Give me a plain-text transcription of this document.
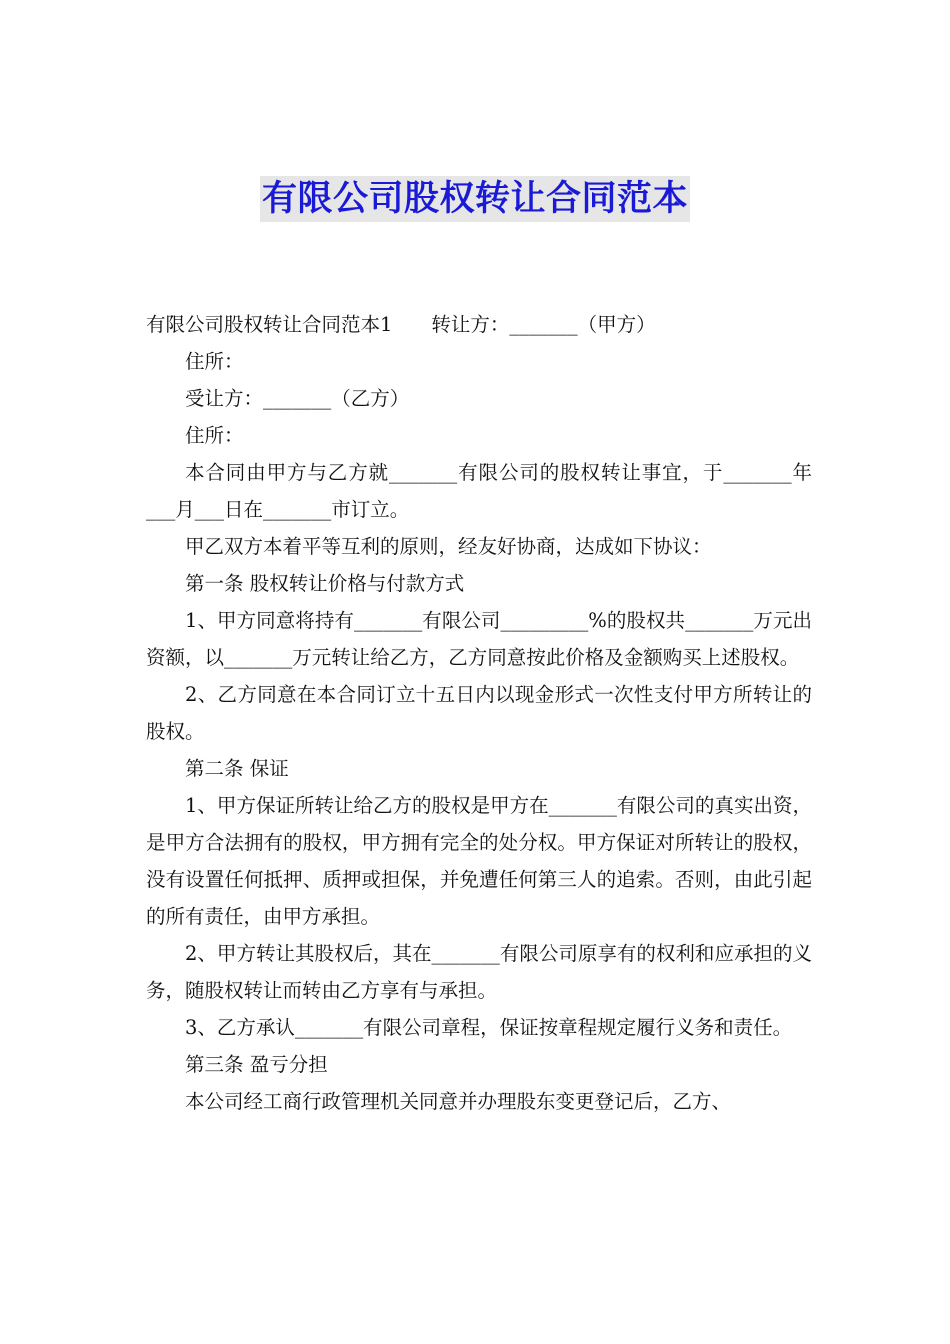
有限公司股权转让合同范本

有限公司股权转让合同范本1　　转让方：_______（甲方）

住所：

受让方：_______（乙方）

住所：

本合同由甲方与乙方就_______有限公司的股权转让事宜，于_______年___月___日在_______市订立。

甲乙双方本着平等互利的原则，经友好协商，达成如下协议：

第一条 股权转让价格与付款方式

1、甲方同意将持有_______有限公司_________%的股权共_______万元出资额，以_______万元转让给乙方，乙方同意按此价格及金额购买上述股权。

2、乙方同意在本合同订立十五日内以现金形式一次性支付甲方所转让的股权。

第二条 保证

1、甲方保证所转让给乙方的股权是甲方在_______有限公司的真实出资，是甲方合法拥有的股权，甲方拥有完全的处分权。甲方保证对所转让的股权，没有设置任何抵押、质押或担保，并免遭任何第三人的追索。否则，由此引起的所有责任，由甲方承担。

2、甲方转让其股权后，其在_______有限公司原享有的权利和应承担的义务，随股权转让而转由乙方享有与承担。

3、乙方承认_______有限公司章程，保证按章程规定履行义务和责任。

第三条 盈亏分担

本公司经工商行政管理机关同意并办理股东变更登记后，乙方、
